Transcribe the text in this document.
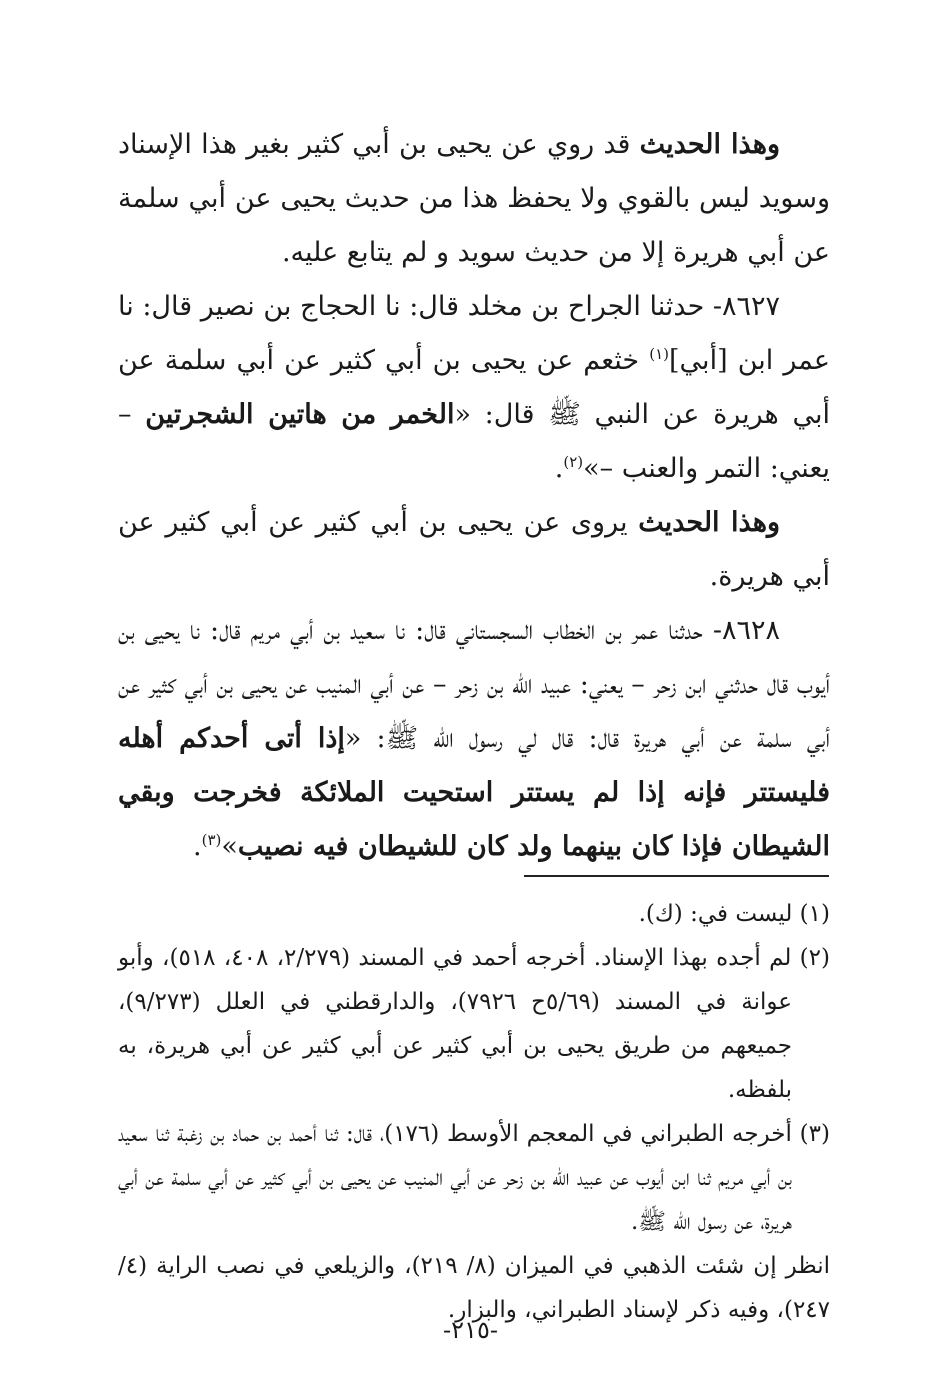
وهذا الحديث قد روي عن يحيى بن أبي كثير بغير هذا الإسناد وسويد ليس بالقوي ولا يحفظ هذا من حديث يحيى عن أبي سلمة عن أبي هريرة إلا من حديث سويد و لم يتابع عليه.

٨٦٢٧- حدثنا الجراح بن مخلد قال: نا الحجاج بن نصير قال: نا عمر ابن [أبي]$^{(١)}$ خثعم عن يحيى بن أبي كثير عن أبي سلمة عن أبي هريرة عن النبي ﷺ قال: «الخمر من هاتين الشجرتين –يعني: التمر والعنب –»$^{(٢)}$.

وهذا الحديث يروى عن يحيى بن أبي كثير عن أبي كثير عن أبي هريرة.

٨٦٢٨- حدثنا عمر بن الخطاب السجستاني قال: نا سعيد بن أبي مريم قال: نا يحيى بن أيوب قال حدثني ابن زحر – يعني: عبيد الله بن زحر – عن أبي المنيب عن يحيى بن أبي كثير عن أبي سلمة عن أبي هريرة قال: قال لي رسول الله ﷺ: «إذا أتى أحدكم أهله فليستتر فإنه إذا لم يستتر استحيت الملائكة فخرجت وبقي الشيطان فإذا كان بينهما ولد كان للشيطان فيه نصيب»$^{(٣)}$.

(١) ليست في: (ك).

(٢) لم أجده بهذا الإسناد. أخرجه أحمد في المسند (٢/٢٧٩، ٤٠٨، ٥١٨)، وأبو عوانة في المسند (٥/٦٩ح ٧٩٢٦)، والدارقطني في العلل (٩/٢٧٣)، جميعهم من طريق يحيى بن أبي كثير عن أبي كثير عن أبي هريرة، به بلفظه.

(٣) أخرجه الطبراني في المعجم الأوسط (١٧٦)، قال: ثنا أحمد بن حماد بن زغبة ثنا سعيد بن أبي مريم ثنا ابن أيوب عن عبيد الله بن زحر عن أبي المنيب عن يحيى بن أبي كثير عن أبي سلمة عن أبي هريرة، عن رسول الله ﷺ.

انظر إن شئت الذهبي في الميزان (٨/ ٢١٩)، والزيلعي في نصب الراية (٤/ ٢٤٧)، وفيه ذكر لإسناد الطبراني، والبزار.

-٢١٥-
